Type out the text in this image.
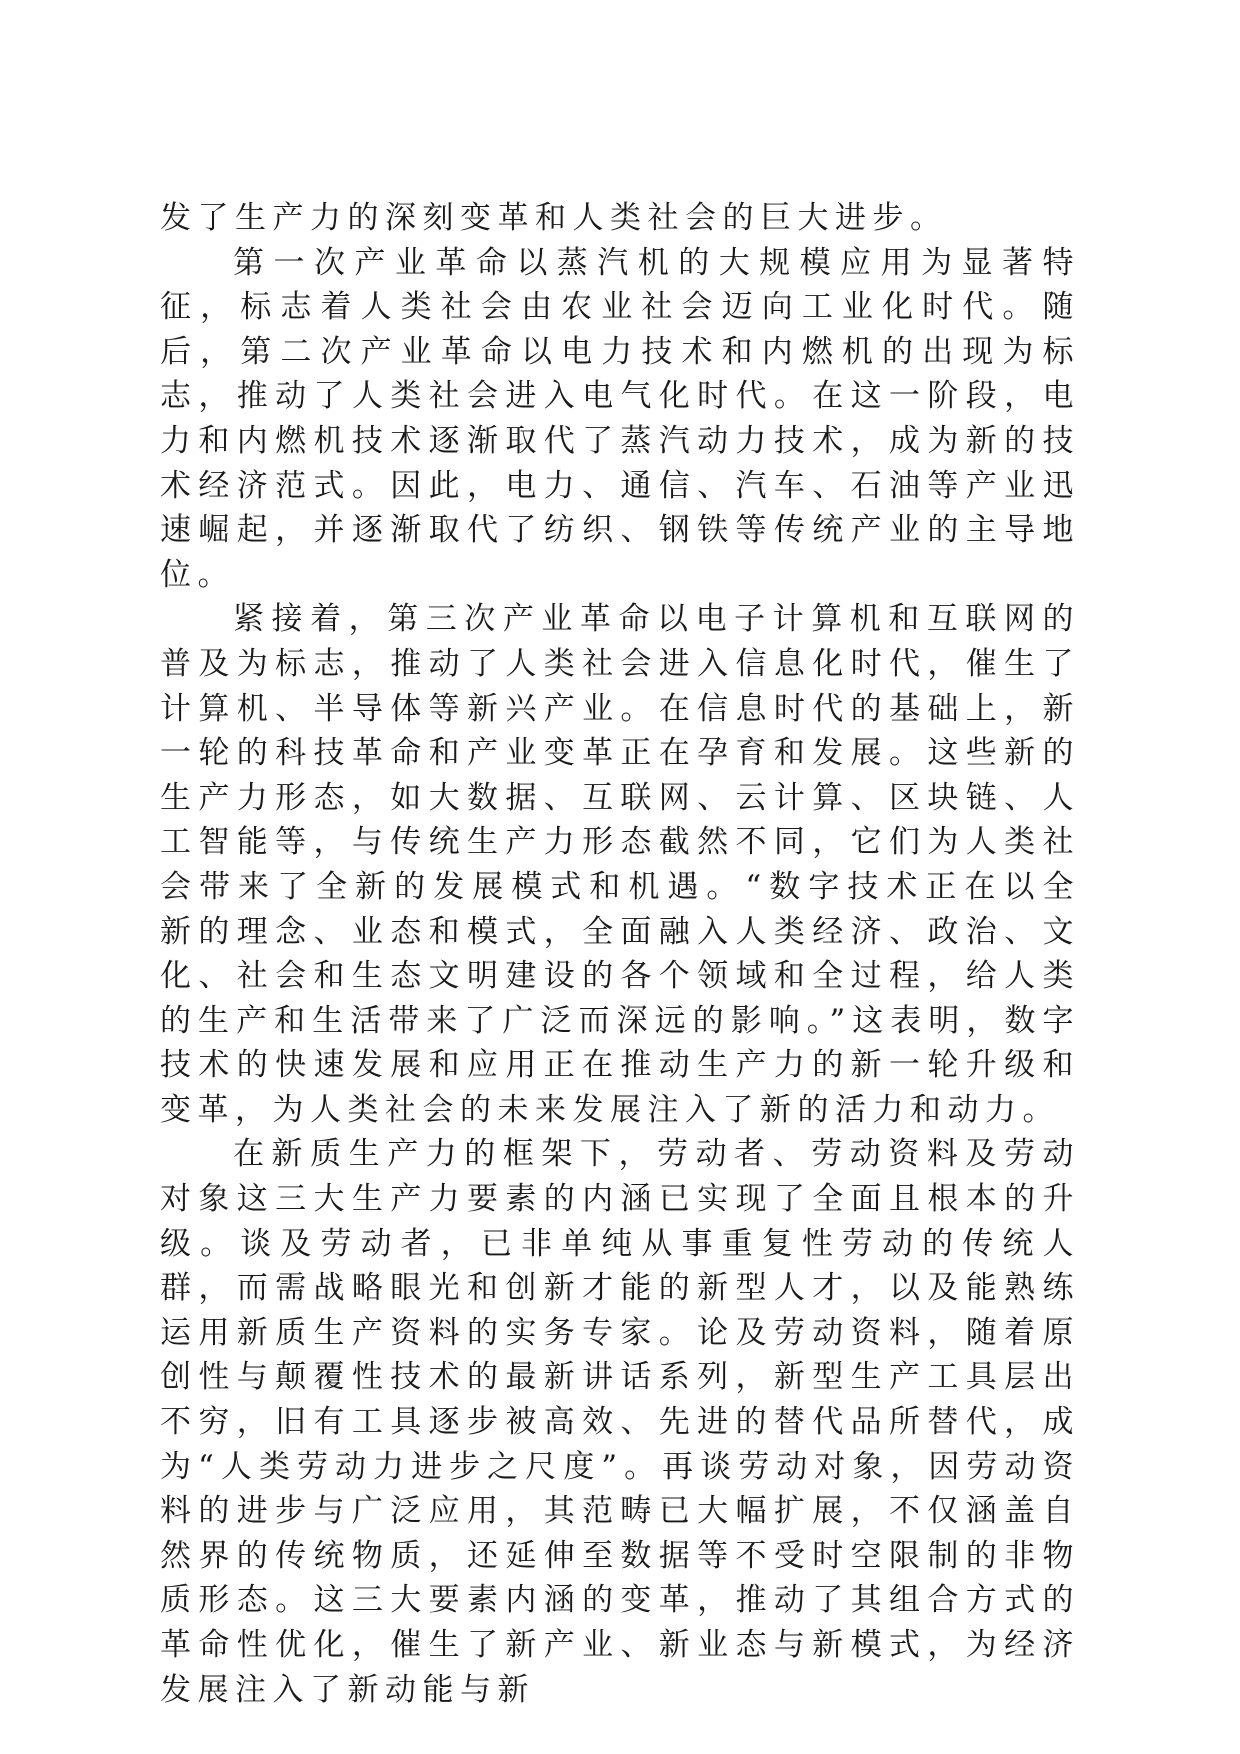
发了生产力的深刻变革和人类社会的巨大进步。

第一次产业革命以蒸汽机的大规模应用为显著特征，标志着人类社会由农业社会迈向工业化时代。随后，第二次产业革命以电力技术和内燃机的出现为标志，推动了人类社会进入电气化时代。在这一阶段，电力和内燃机技术逐渐取代了蒸汽动力技术，成为新的技术经济范式。因此，电力、通信、汽车、石油等产业迅速崛起，并逐渐取代了纺织、钢铁等传统产业的主导地位。

紧接着，第三次产业革命以电子计算机和互联网的普及为标志，推动了人类社会进入信息化时代，催生了计算机、半导体等新兴产业。在信息时代的基础上，新一轮的科技革命和产业变革正在孕育和发展。这些新的生产力形态，如大数据、互联网、云计算、区块链、人工智能等，与传统生产力形态截然不同，它们为人类社会带来了全新的发展模式和机遇。“数字技术正在以全新的理念、业态和模式，全面融入人类经济、政治、文化、社会和生态文明建设的各个领域和全过程，给人类的生产和生活带来了广泛而深远的影响。”这表明，数字技术的快速发展和应用正在推动生产力的新一轮升级和变革，为人类社会的未来发展注入了新的活力和动力。

在新质生产力的框架下，劳动者、劳动资料及劳动对象这三大生产力要素的内涵已实现了全面且根本的升级。谈及劳动者，已非单纯从事重复性劳动的传统人群，而需战略眼光和创新才能的新型人才，以及能熟练运用新质生产资料的实务专家。论及劳动资料，随着原创性与颠覆性技术的最新讲话系列，新型生产工具层出不穷，旧有工具逐步被高效、先进的替代品所替代，成为“人类劳动力进步之尺度”。再谈劳动对象，因劳动资料的进步与广泛应用，其范畴已大幅扩展，不仅涵盖自然界的传统物质，还延伸至数据等不受时空限制的非物质形态。这三大要素内涵的变革，推动了其组合方式的革命性优化，催生了新产业、新业态与新模式，为经济发展注入了新动能与新
